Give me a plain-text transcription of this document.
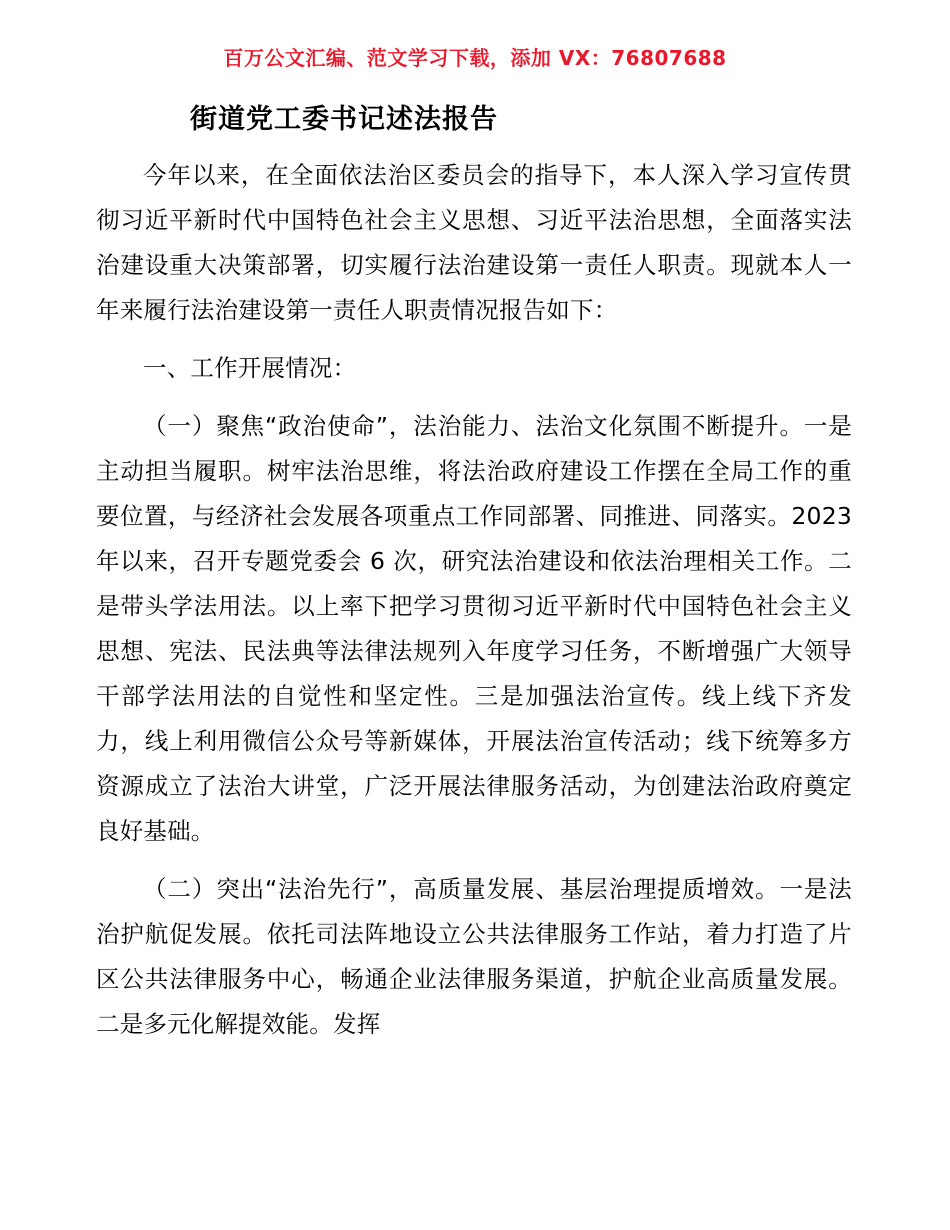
百万公文汇编、范文学习下载，添加 VX：76807688
街道党工委书记述法报告

今年以来，在全面依法治区委员会的指导下，本人深入学习宣传贯彻习近平新时代中国特色社会主义思想、习近平法治思想，全面落实法治建设重大决策部署，切实履行法治建设第一责任人职责。现就本人一年来履行法治建设第一责任人职责情况报告如下：

一、工作开展情况：

（一）聚焦“政治使命”，法治能力、法治文化氛围不断提升。一是主动担当履职。树牢法治思维，将法治政府建设工作摆在全局工作的重要位置，与经济社会发展各项重点工作同部署、同推进、同落实。2023 年以来，召开专题党委会 6 次，研究法治建设和依法治理相关工作。二是带头学法用法。以上率下把学习贯彻习近平新时代中国特色社会主义思想、宪法、民法典等法律法规列入年度学习任务，不断增强广大领导干部学法用法的自觉性和坚定性。三是加强法治宣传。线上线下齐发力，线上利用微信公众号等新媒体，开展法治宣传活动；线下统筹多方资源成立了法治大讲堂，广泛开展法律服务活动，为创建法治政府奠定良好基础。

（二）突出“法治先行”，高质量发展、基层治理提质增效。一是法治护航促发展。依托司法阵地设立公共法律服务工作站，着力打造了片区公共法律服务中心，畅通企业法律服务渠道，护航企业高质量发展。二是多元化解提效能。发挥
